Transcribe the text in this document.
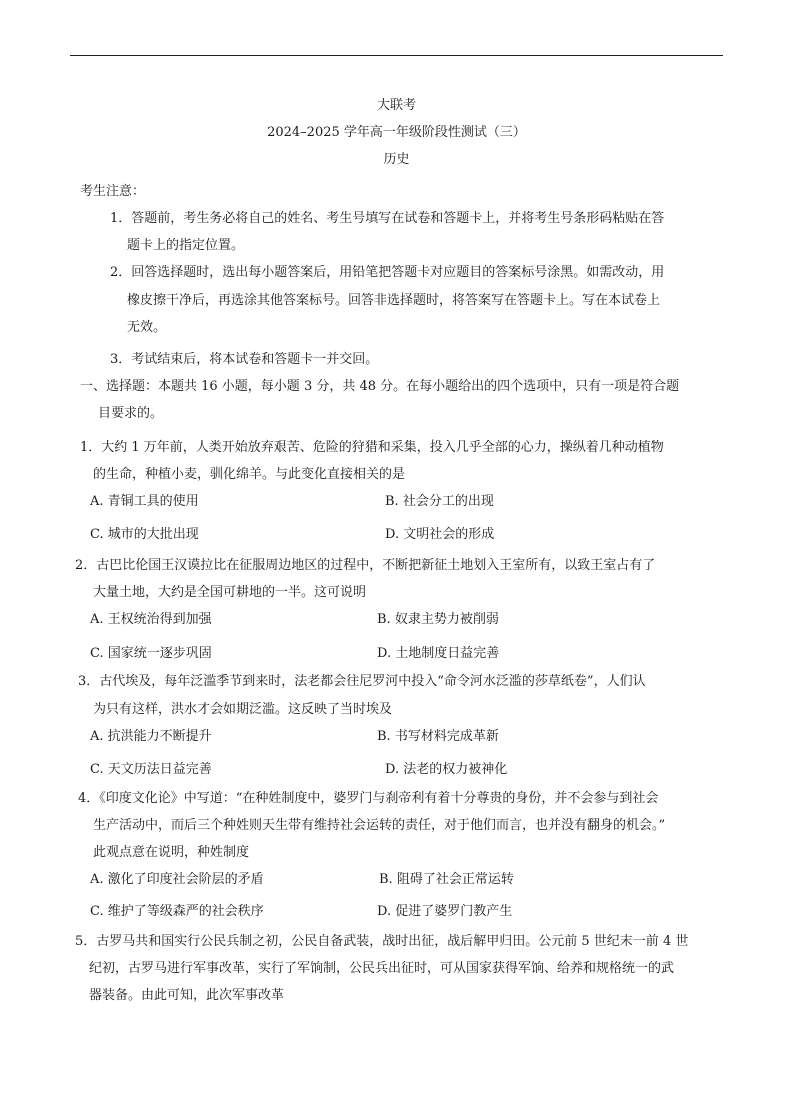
大联考
2024–2025 学年高一年级阶段性测试（三）
历史
考生注意：
1．答题前，考生务必将自己的姓名、考生号填写在试卷和答题卡上，并将考生号条形码粘贴在答
题卡上的指定位置。
2．回答选择题时，选出每小题答案后，用铅笔把答题卡对应题目的答案标号涂黑。如需改动，用
橡皮擦干净后，再选涂其他答案标号。回答非选择题时，将答案写在答题卡上。写在本试卷上
无效。
3．考试结束后，将本试卷和答题卡一并交回。
一、选择题：本题共 16 小题，每小题 3 分，共 48 分。在每小题给出的四个选项中，只有一项是符合题
目要求的。
1．大约 1 万年前，人类开始放弃艰苦、危险的狩猎和采集，投入几乎全部的心力，操纵着几种动植物
的生命，种植小麦，驯化绵羊。与此变化直接相关的是
A. 青铜工具的使用	B. 社会分工的出现
C. 城市的大批出现	D. 文明社会的形成
2．古巴比伦国王汉谟拉比在征服周边地区的过程中，不断把新征土地划入王室所有，以致王室占有了
大量土地，大约是全国可耕地的一半。这可说明
A. 王权统治得到加强	B. 奴隶主势力被削弱
C. 国家统一逐步巩固	D. 土地制度日益完善
3．古代埃及，每年泛滥季节到来时，法老都会往尼罗河中投入“命令河水泛滥的莎草纸卷”，人们认
为只有这样，洪水才会如期泛滥。这反映了当时埃及
A. 抗洪能力不断提升	B. 书写材料完成革新
C. 天文历法日益完善	D. 法老的权力被神化
4．《印度文化论》中写道：“在种姓制度中，婆罗门与刹帝利有着十分尊贵的身份，并不会参与到社会
生产活动中，而后三个种姓则天生带有维持社会运转的责任，对于他们而言，也并没有翻身的机会。”
此观点意在说明，种姓制度
A. 激化了印度社会阶层的矛盾	B. 阻碍了社会正常运转
C. 维护了等级森严的社会秩序	D. 促进了婆罗门教产生
5．古罗马共和国实行公民兵制之初，公民自备武装，战时出征，战后解甲归田。公元前 5 世纪末一前 4 世
纪初，古罗马进行军事改革，实行了军饷制，公民兵出征时，可从国家获得军饷、给养和规格统一的武
器装备。由此可知，此次军事改革
